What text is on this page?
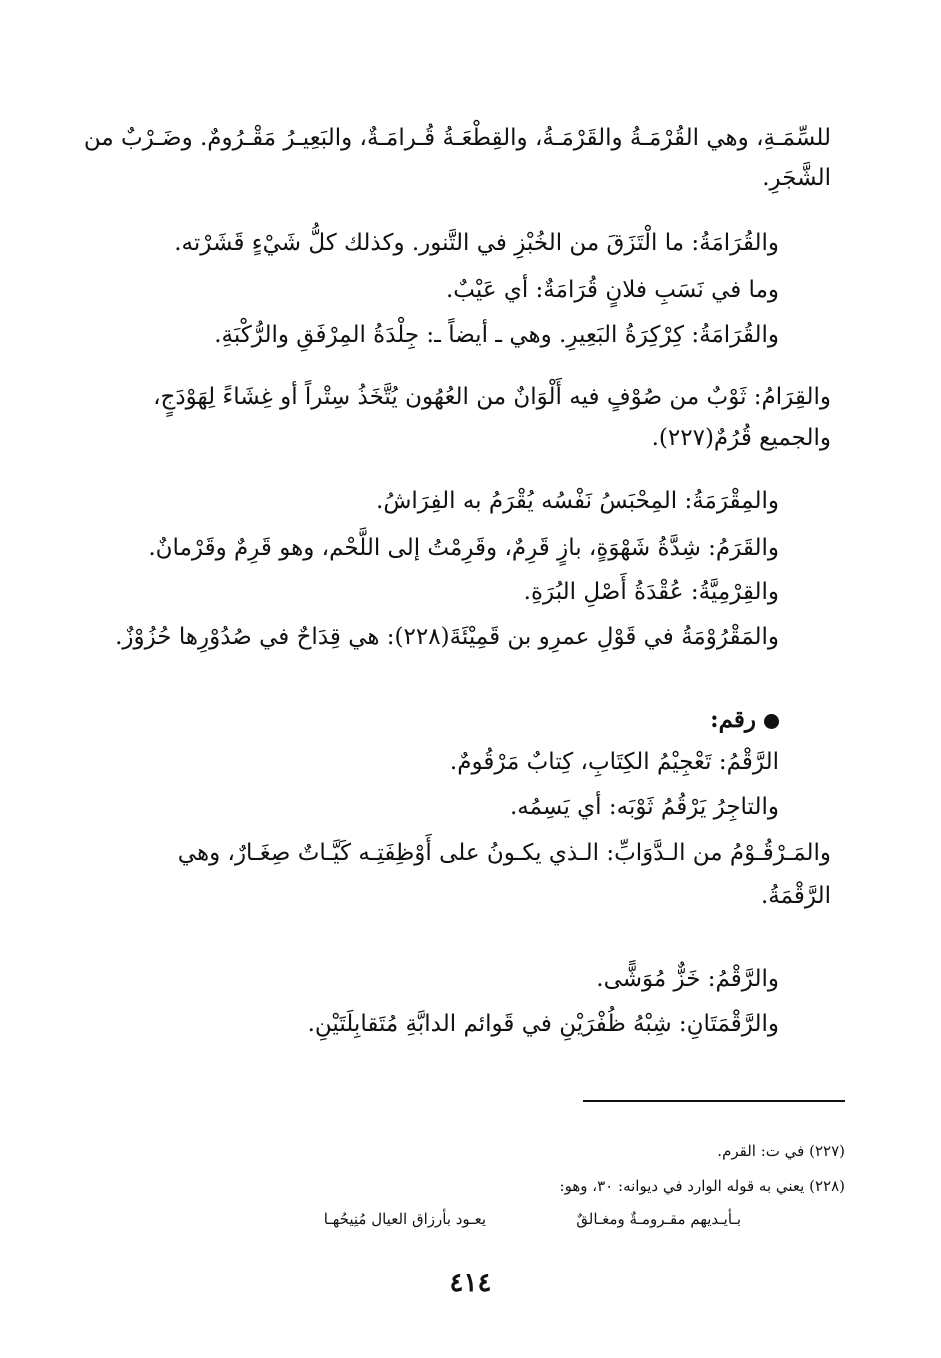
للسِّمَـةِ، وهي القُرْمَـةُ والقَرْمَـةُ، والقِطْعَـةُ قُـرامَـةٌ، والبَعِيـرُ مَقْـرُومٌ. وضَـرْبٌ من

الشَّجَرِ.

والقُرَامَةُ: ما الْتَزَقَ من الخُبْزِ في التَّنور. وكذلك كلُّ شَيْءٍ قَشَرْته.

وما في نَسَبِ فلانٍ قُرَامَةٌ: أي عَيْبٌ.

والقُرَامَةُ: كِرْكِرَةُ البَعِيرِ. وهي ـ أيضاً ـ: جِلْدَةُ المِرْفَقِ والرُّكْبَةِ.

والقِرَامُ: ثَوْبٌ من صُوْفٍ فيه أَلْوَانٌ من العُهُون يُتَّخَذُ سِتْراً أو غِشَاءً لِهَوْدَجٍ،

والجميع قُرُمٌ(٢٢٧).

والمِقْرَمَةُ: المِحْبَسُ نَفْسُه يُقْرَمُ به الفِرَاشُ.

والقَرَمُ: شِدَّةُ شَهْوَةٍ، بازٍ قَرِمٌ، وقَرِمْتُ إلى اللَّحْم، وهو قَرِمٌ وقَرْمانٌ.

والقِرْمِيَّةُ: عُقْدَةُ أَصْلِ البُرَةِ.

والمَقْرُوْمَةُ في قَوْلِ عمرِو بن قَمِيْئَةَ(٢٢٨): هي قِدَاحٌ في صُدُوْرِها حُزُوْزٌ.

رقم:

الرَّقْمُ: تَعْجِيْمُ الكِتَابِ، كِتابٌ مَرْقُومٌ.

والتاجِرُ يَرْقُمُ ثَوْبَه: أي يَسِمُه.

والمَـرْقُـوْمُ من الـدَّوَابِّ: الـذي يكـونُ على أَوْظِفَتِـه كَيَّـاتٌ صِغَـارٌ، وهي

الرَّقْمَةُ.

والرَّقْمُ: خَزٌّ مُوَشًّى.

والرَّقْمَتَانِ: شِبْهُ ظُفْرَيْنِ في قَوائم الدابَّةِ مُتَقابِلَتَيْنِ.

(٢٢٧) في ت: القرم.

(٢٢٨) يعني به قوله الوارد في ديوانه: ٣٠، وهو:

بـأيـديهم مقـرومـةٌ ومغـالقٌ

يعـود بأرزاق العيال مُنِيحُهـا

٤١٤
